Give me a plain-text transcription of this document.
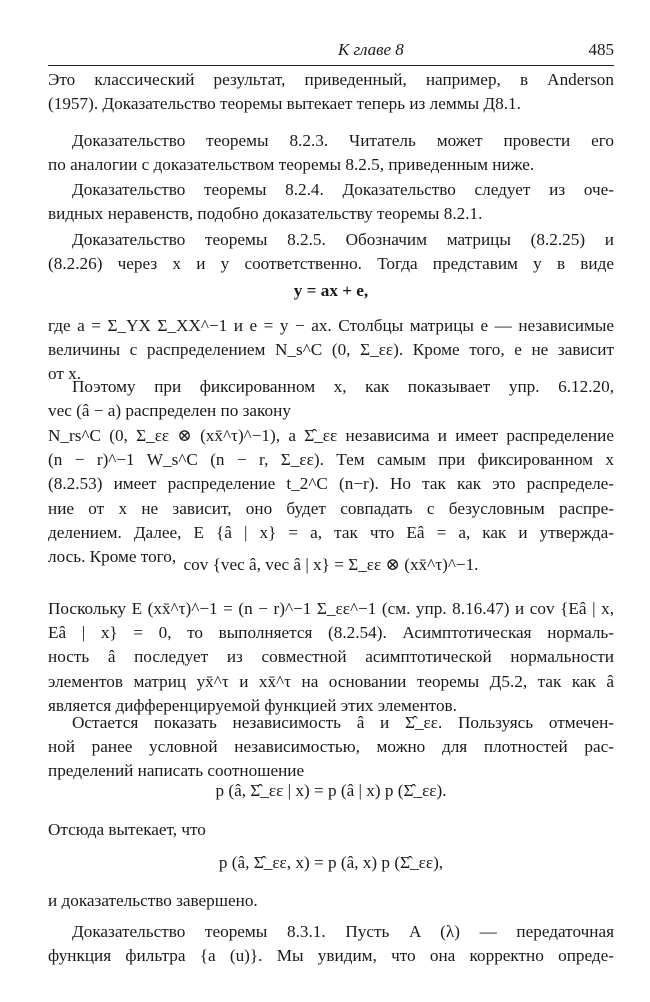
К главе 8	485
Это классический результат, приведенный, например, в Anderson
(1957). Доказательство теоремы вытекает теперь из леммы Д8.1.
Доказательство теоремы 8.2.3. Читатель может провести его
по аналогии с доказательством теоремы 8.2.5, приведенным ниже.
Доказательство теоремы 8.2.4. Доказательство следует из оче-
видных неравенств, подобно доказательству теоремы 8.2.1.
Доказательство теоремы 8.2.5. Обозначим матрицы (8.2.25) и
(8.2.26) через x и y соответственно. Тогда представим y в виде
y = ax + e,
где a = Σ_YX Σ_XX^−1 и e = y − ax. Столбцы матрицы e — независимые
величины с распределением N_s^C (0, Σ_εε). Кроме того, e не зависит
от x.
Поэтому при фиксированном x, как показывает упр. 6.12.20,
vec (â − a) распределен по закону
N_rs^C (0, Σ_εε ⊗ (xx̄^τ)^−1), а Σ̂_εε независима и имеет распределение
(n − r)^−1 W_s^C (n − r, Σ_εε). Тем самым при фиксированном x
(8.2.53) имеет распределение t_2^C (n−r). Но так как это распределе-
ние от x не зависит, оно будет совпадать с безусловным распре-
делением. Далее, E {â | x} = a, так что Eâ = a, как и утвержда-
лось. Кроме того, cov {vec â, vec â | x} = Σ_εε ⊗ (xx̄^τ)^−1.
Поскольку E (xx̄^τ)^−1 = (n − r)^−1 Σ_εε^−1 (см. упр. 8.16.47) и cov {Eâ | x,
Eâ | x} = 0, то выполняется (8.2.54). Асимптотическая нормаль-
ность â последует из совместной асимптотической нормальности
элементов матриц yx̄^τ и xx̄^τ на основании теоремы Д5.2, так как â
является дифференцируемой функцией этих элементов.
Остается показать независимость â и Σ̂_εε. Пользуясь отмечен-
ной ранее условной независимостью, можно для плотностей рас-
пределений написать соотношение
p (â, Σ̂_εε | x) = p (â | x) p (Σ̂_εε).
Отсюда вытекает, что
p (â, Σ̂_εε, x) = p (â, x) p (Σ̂_εε),
и доказательство завершено.
Доказательство теоремы 8.3.1. Пусть A (λ) — передаточная
функция фильтра {a (u)}. Мы увидим, что она корректно опреде-
